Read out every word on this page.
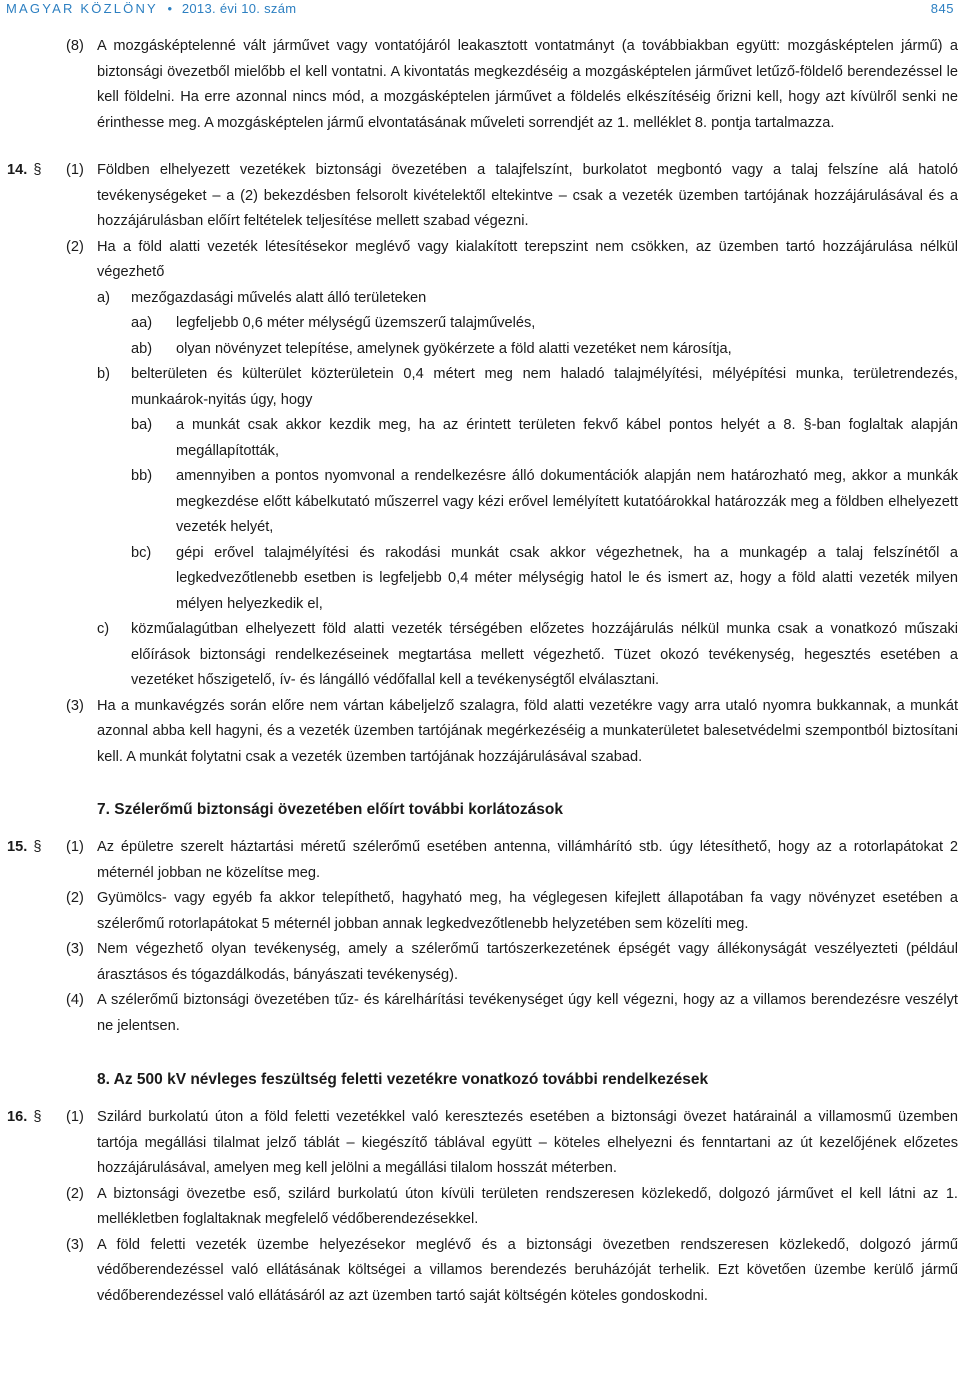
MAGYAR KÖZLÖNY • 2013. évi 10. szám	845
(8) A mozgásképtelenné vált járművet vagy vontatójáról leakasztott vontatmányt (a továbbiakban együtt: mozgásképtelen jármű) a biztonsági övezetből mielőbb el kell vontatni. A kivontatás megkezdéséig a mozgásképtelen járművet letűző-földelő berendezéssel le kell földelni. Ha erre azonnal nincs mód, a mozgásképtelen járművet a földelés elkészítéséig őrizni kell, hogy azt kívülről senki ne érinthesse meg. A mozgásképtelen jármű elvontatásának műveleti sorrendjét az 1. melléklet 8. pontja tartalmazza.
14. § (1) Földben elhelyezett vezetékek biztonsági övezetében a talajfelszínt, burkolatot megbontó vagy a talaj felszíne alá hatoló tevékenységeket – a (2) bekezdésben felsorolt kivételektől eltekintve – csak a vezeték üzemben tartójának hozzájárulásával és a hozzájárulásban előírt feltételek teljesítése mellett szabad végezni.
(2) Ha a föld alatti vezeték létesítésekor meglévő vagy kialakított terepszint nem csökken, az üzemben tartó hozzájárulása nélkül végezhető
a) mezőgazdasági művelés alatt álló területeken
aa) legfeljebb 0,6 méter mélységű üzemszerű talajművelés,
ab) olyan növényzet telepítése, amelynek gyökérzete a föld alatti vezetéket nem károsítja,
b) belterületen és külterület közterületein 0,4 métert meg nem haladó talajmélyítési, mélyépítési munka, területrendezés, munkaárok-nyitás úgy, hogy
ba) a munkát csak akkor kezdik meg, ha az érintett területen fekvő kábel pontos helyét a 8. §-ban foglaltak alapján megállapították,
bb) amennyiben a pontos nyomvonal a rendelkezésre álló dokumentációk alapján nem határozható meg, akkor a munkák megkezdése előtt kábelkutató műszerrel vagy kézi erővel lemélyített kutatóárokkal határozzák meg a földben elhelyezett vezeték helyét,
bc) gépi erővel talajmélyítési és rakodási munkát csak akkor végezhetnek, ha a munkagép a talaj felszínétől a legkedvezőtlenebb esetben is legfeljebb 0,4 méter mélységig hatol le és ismert az, hogy a föld alatti vezeték milyen mélyen helyezkedik el,
c) közműalagútban elhelyezett föld alatti vezeték térségében előzetes hozzájárulás nélkül munka csak a vonatkozó műszaki előírások biztonsági rendelkezéseinek megtartása mellett végezhető. Tüzet okozó tevékenység, hegesztés esetében a vezetéket hőszigetelő, ív- és lángálló védőfallal kell a tevékenységtől elválasztani.
(3) Ha a munkavégzés során előre nem vártan kábeljelző szalagra, föld alatti vezetékre vagy arra utaló nyomra bukkannak, a munkát azonnal abba kell hagyni, és a vezeték üzemben tartójának megérkezéséig a munkaterületet balesetvédelmi szempontból biztosítani kell. A munkát folytatni csak a vezeték üzemben tartójának hozzájárulásával szabad.
7. Szélerőmű biztonsági övezetében előírt további korlátozások
15. § (1) Az épületre szerelt háztartási méretű szélerőmű esetében antenna, villámhárító stb. úgy létesíthető, hogy az a rotorlapátokat 2 méternél jobban ne közelítse meg.
(2) Gyümölcs- vagy egyéb fa akkor telepíthető, hagyható meg, ha véglegesen kifejlett állapotában fa vagy növényzet esetében a szélerőmű rotorlapátokat 5 méternél jobban annak legkedvezőtlenebb helyzetében sem közelíti meg.
(3) Nem végezhető olyan tevékenység, amely a szélerőmű tartószerkezetének épségét vagy állékonyságát veszélyezteti (például árasztásos és tógazdálkodás, bányászati tevékenység).
(4) A szélerőmű biztonsági övezetében tűz- és kárelhárítási tevékenységet úgy kell végezni, hogy az a villamos berendezésre veszélyt ne jelentsen.
8. Az 500 kV névleges feszültség feletti vezetékre vonatkozó további rendelkezések
16. § (1) Szilárd burkolatú úton a föld feletti vezetékkel való keresztezés esetében a biztonsági övezet határainál a villamosmű üzemben tartója megállási tilalmat jelző táblát – kiegészítő táblával együtt – köteles elhelyezni és fenntartani az út kezelőjének előzetes hozzájárulásával, amelyen meg kell jelölni a megállási tilalom hosszát méterben.
(2) A biztonsági övezetbe eső, szilárd burkolatú úton kívüli területen rendszeresen közlekedő, dolgozó járművet el kell látni az 1. mellékletben foglaltaknak megfelelő védőberendezésekkel.
(3) A föld feletti vezeték üzembe helyezésekor meglévő és a biztonsági övezetben rendszeresen közlekedő, dolgozó jármű védőberendezéssel való ellátásának költségei a villamos berendezés beruházóját terhelik. Ezt követően üzembe kerülő jármű védőberendezéssel való ellátásáról az azt üzemben tartó saját költségén köteles gondoskodni.
